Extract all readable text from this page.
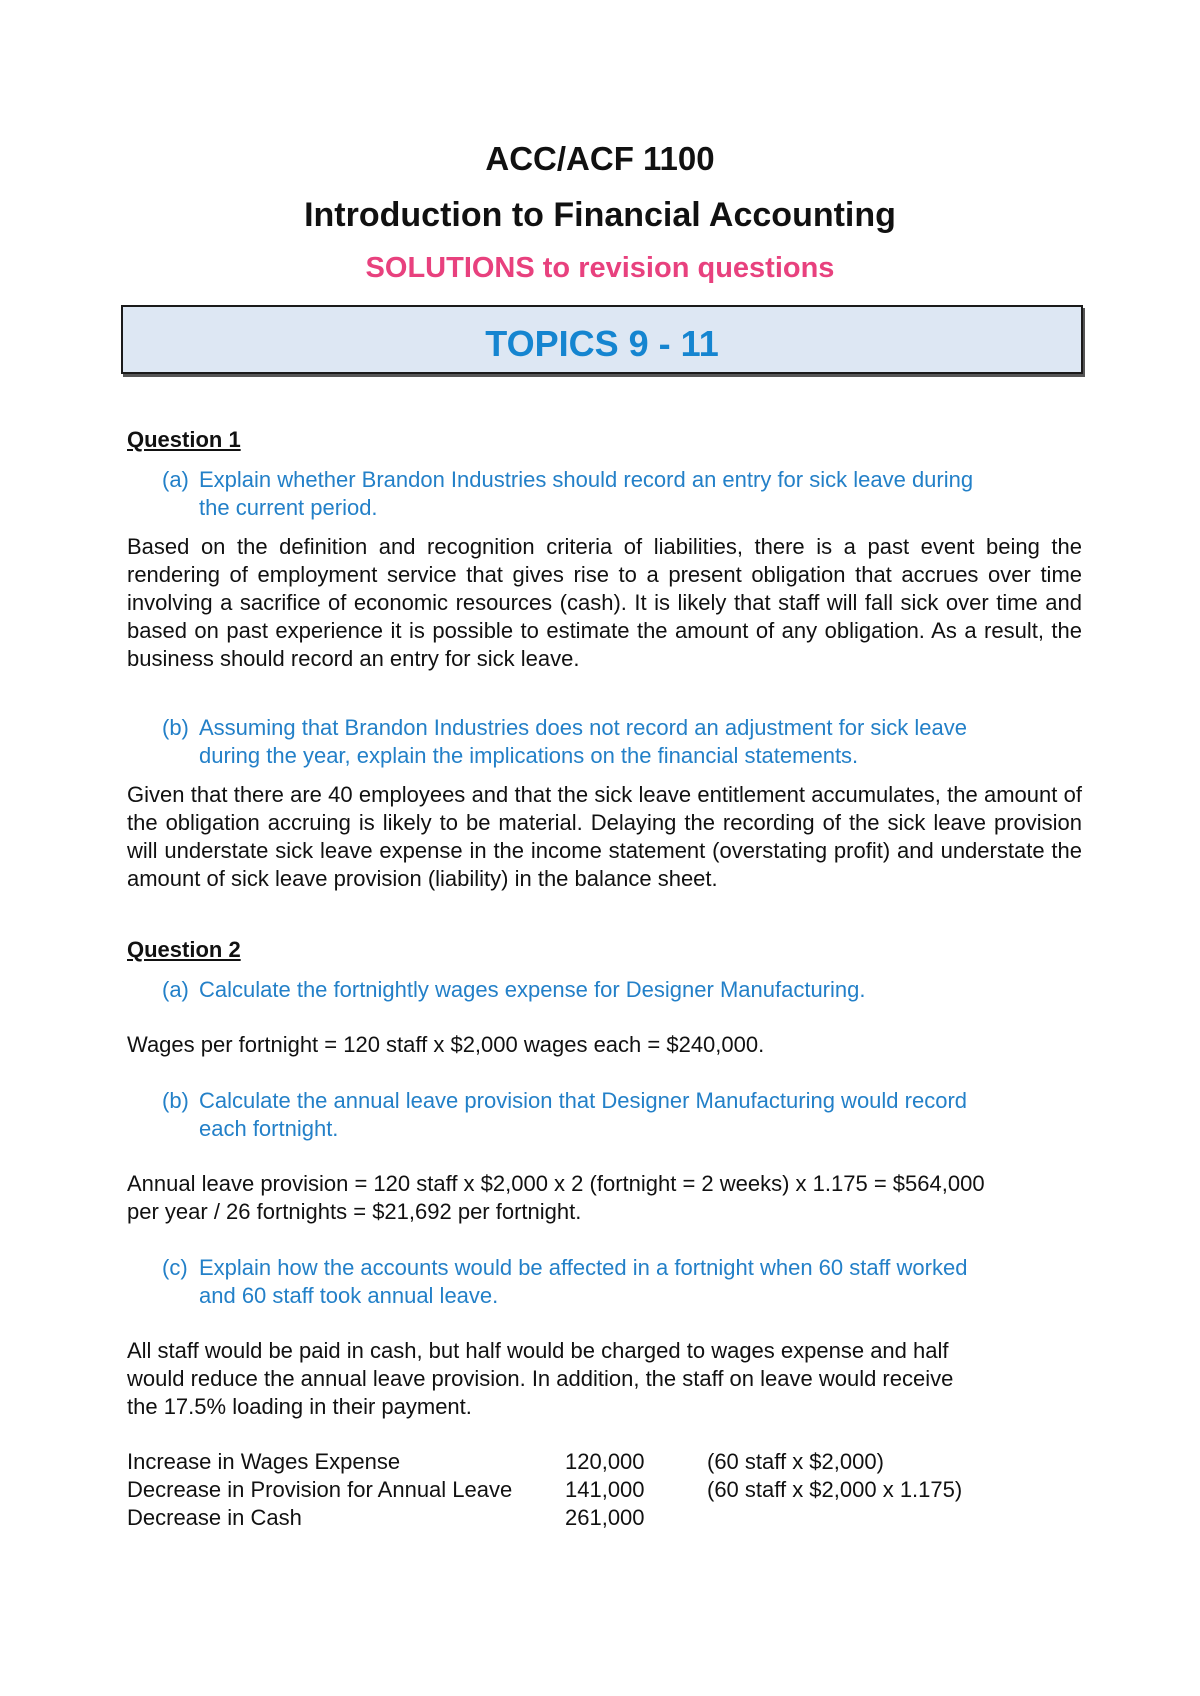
ACC/ACF 1100
Introduction to Financial Accounting
SOLUTIONS to revision questions
TOPICS 9 - 11
Question 1
(a) Explain whether Brandon Industries should record an entry for sick leave during
the current period.
Based on the definition and recognition criteria of liabilities, there is a past event being the rendering of employment service that gives rise to a present obligation that accrues over time involving a sacrifice of economic resources (cash). It is likely that staff will fall sick over time and based on past experience it is possible to estimate the amount of any obligation. As a result, the business should record an entry for sick leave.
(b) Assuming that Brandon Industries does not record an adjustment for sick leave
during the year, explain the implications on the financial statements.
Given that there are 40 employees and that the sick leave entitlement accumulates, the amount of the obligation accruing is likely to be material. Delaying the recording of the sick leave provision will understate sick leave expense in the income statement (overstating profit) and understate the amount of sick leave provision (liability) in the balance sheet.
Question 2
(a) Calculate the fortnightly wages expense for Designer Manufacturing.
Wages per fortnight = 120 staff x $2,000 wages each = $240,000.
(b) Calculate the annual leave provision that Designer Manufacturing would record
each fortnight.
Annual leave provision = 120 staff x $2,000 x 2 (fortnight = 2 weeks) x 1.175 = $564,000
per year / 26 fortnights = $21,692 per fortnight.
(c) Explain how the accounts would be affected in a fortnight when 60 staff worked
and 60 staff took annual leave.
All staff would be paid in cash, but half would be charged to wages expense and half
would reduce the annual leave provision. In addition, the staff on leave would receive
the 17.5% loading in their payment.
Increase in Wages Expense	120,000	(60 staff x $2,000)
Decrease in Provision for Annual Leave 141,000	(60 staff x $2,000 x 1.175)
Decrease in Cash	261,000
